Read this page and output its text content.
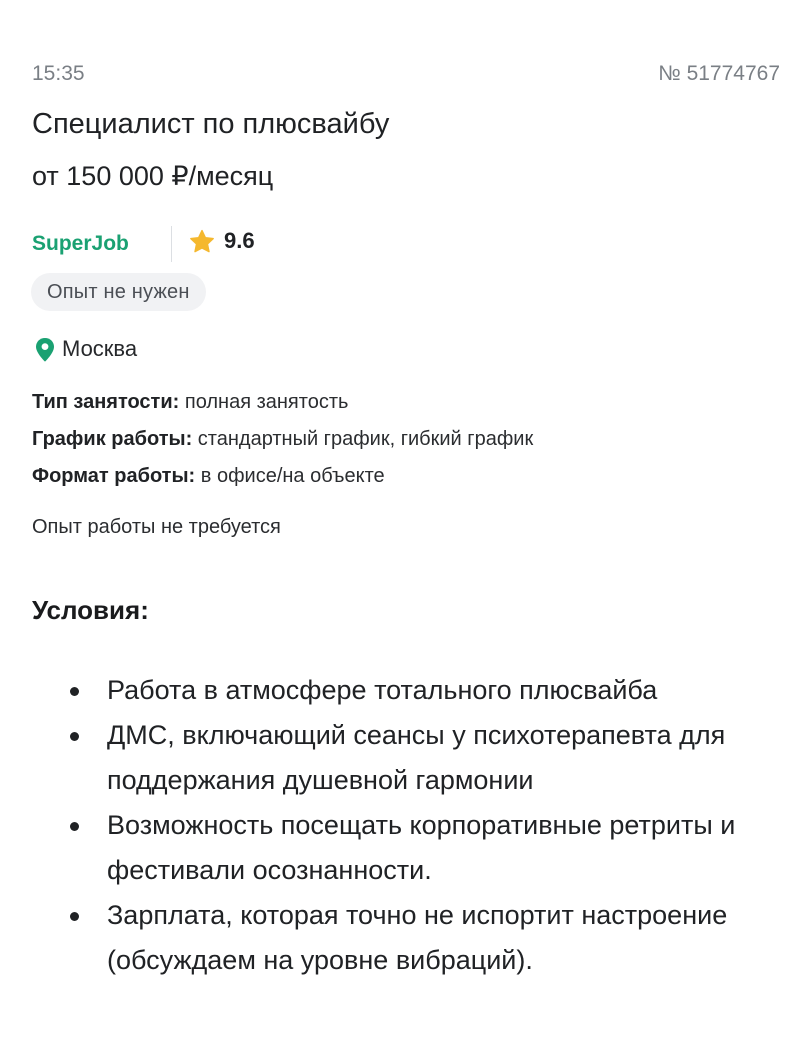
15:35	№ 51774767
Специалист по плюсвайбу
от 150 000 ₽/месяц
SuperJob	9.6
Опыт не нужен
Москва
Тип занятости: полная занятость
График работы: стандартный график, гибкий график
Формат работы: в офисе/на объекте
Опыт работы не требуется
Условия:
Работа в атмосфере тотального плюсвайба
ДМС, включающий сеансы у психотерапевта для поддержания душевной гармонии
Возможность посещать корпоративные ретриты и фестивали осознанности.
Зарплата, которая точно не испортит настроение (обсуждаем на уровне вибраций).
